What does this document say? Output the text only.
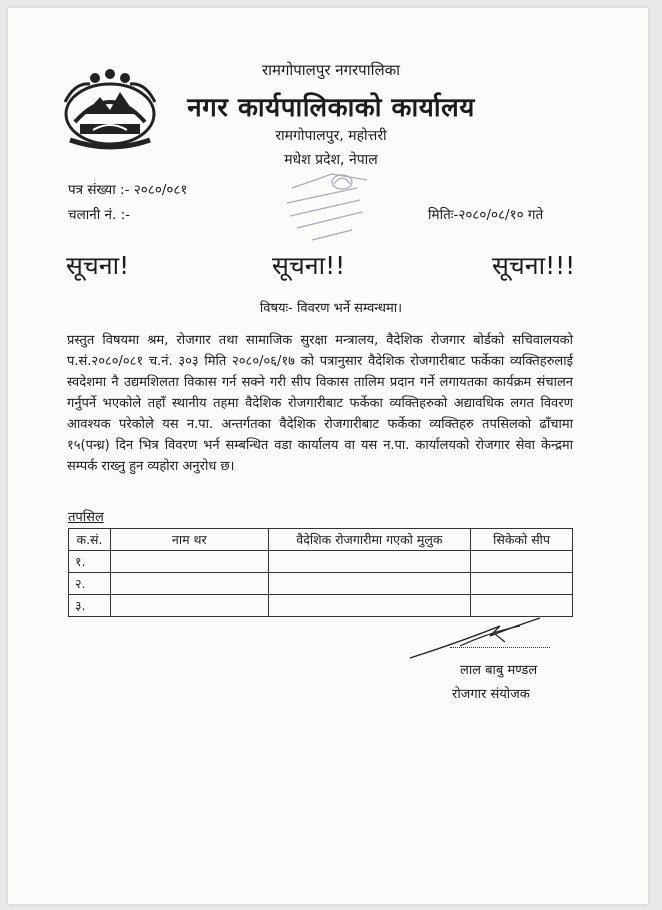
रामगोपालपुर नगरपालिका
नगर कार्यपालिकाको कार्यालय
रामगोपालपुर, महोत्तरी
मधेश प्रदेश, नेपाल
पत्र संख्या :- २०८०/०८१
चलानी नं. :-	मितिः-२०८०/०८/१० गते
सूचना!	सूचना!!	सूचना!!!
विषयः- विवरण भर्ने सम्वन्धमा।
प्रस्तुत विषयमा श्रम, रोजगार तथा सामाजिक सुरक्षा मन्त्रालय, वैदेशिक रोजगार बोर्डको सचिवालयको प.सं.२०८०/०८१ च.नं. ३०३ मिति २०८०/०६/१७ को पत्रानुसार वैदेशिक रोजगारीबाट फर्केका व्यक्तिहरुलाई स्वदेशमा नै उद्यमशिलता विकास गर्न सक्ने गरी सीप विकास तालिम प्रदान गर्ने लगायतका कार्यक्रम संचालन गर्नुपर्ने भएकोले तहाँ स्थानीय तहमा वैदेशिक रोजगारीबाट फर्केका व्यक्तिहरुको अद्यावधिक लगत विवरण आवश्यक परेकोले यस न.पा. अन्तर्गतका वैदेशिक रोजगारीबाट फर्केका व्यक्तिहरु तपसिलको ढाँचामा १५(पन्ध्र) दिन भित्र विवरण भर्न सम्बन्धित वडा कार्यालय वा यस न.पा. कार्यालयको रोजगार सेवा केन्द्रमा सम्पर्क राख्नु हुन व्यहोरा अनुरोध छ।
तपसिल
क.सं.	नाम थर	वैदेशिक रोजगारीमा गएको मुलुक	सिकेको सीप
१.			
२.			
३.			
लाल बाबु मण्डल
रोजगार संयोजक
